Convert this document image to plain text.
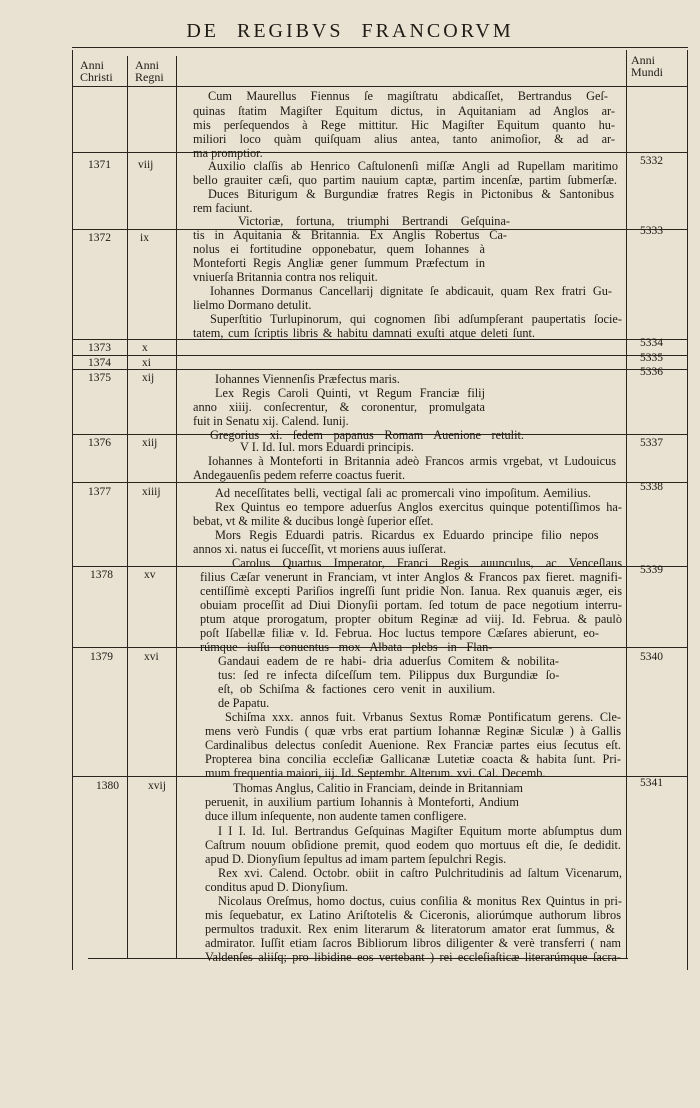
DE REGIBVS FRANCORVM
Anni
Christi
Anni
Regni
Anni
Mundi
1371
1372
1373
1374
1375
1376
1377
1378
1379
1380
viij
ix
x
xi
xij
xiij
xiiij
xv
xvi
xvij
5332
5333
5334
5335
5336
5337
5338
5339
5340
5341
Cum Maurellus Fiennus ſe magiſtratu abdicaſſet, Bertrandus Geſ-
quinas ſtatim Magiſter Equitum dictus, in Aquitaniam ad Anglos ar-
mis perſequendos à Rege mittitur. Hic Magiſter Equitum quanto hu-
miliori loco quàm quiſquam alius antea, tanto animoſior, & ad ar-
ma promptior.
Auxilio claſſis ab Henrico Caſtulonenſi miſſæ Angli ad Rupellam maritimo
bello grauiter cæſi, quo partim nauium captæ, partim incenſæ, partim ſubmerſæ.
Duces Biturigum & Burgundiæ fratres Regis in Pictonibus & Santonibus
rem faciunt.
Victoriæ, fortuna, triumphi Bertrandi Geſquina-
tis in Aquitania & Britannia. Ex Anglis Robertus Ca-
nolus ei fortitudine opponebatur, quem Iohannes à
Monteforti Regis Angliæ gener ſummum Præfectum in
vniuerſa Britannia contra nos reliquit.
Iohannes Dormanus Cancellarij dignitate ſe abdicauit, quam Rex fratri Gu-
lielmo Dormano detulit.
Superſtitio Turlupinorum, qui cognomen ſibi adſumpſerant paupertatis ſocie-
tatem, cum ſcriptis libris & habitu damnati exuſti atque deleti ſunt.
Iohannes Viennenſis Præfectus maris.
Lex Regis Caroli Quinti, vt Regum Franciæ filij
anno xiiij. conſecrentur, & coronentur, promulgata
fuit in Senatu xij. Calend. Iunij.
Gregorius xi. ſedem papanus Romam Auenione retulit.
V I. Id. Iul. mors Eduardi principis.
Iohannes à Monteforti in Britannia adeò Francos armis vrgebat, vt Ludouicus
Andegauenſis pedem referre coactus fuerit.
Ad neceſſitates belli, vectigal ſali ac promercali vino impoſitum. Aemilius.
Rex Quintus eo tempore aduerſus Anglos exercitus quinque potentiſſimos ha-
bebat, vt & milite & ducibus longè ſuperior eſſet.
Mors Regis Eduardi patris. Ricardus ex Eduardo principe filio nepos
annos xi. natus ei ſucceſſit, vt moriens auus iuſſerat.
Carolus Quartus Imperator, Franci Regis auunculus, ac Venceſlaus
filius Cæſar venerunt in Franciam, vt inter Anglos & Francos pax fieret. magnifi-
centiſſimè excepti Pariſios ingreſſi ſunt pridie Non. Ianua. Rex quanuis æger, eis
obuiam proceſſit ad Diui Dionyſii portam. ſed totum de pace negotium interru-
ptum atque prorogatum, propter obitum Reginæ ad viij. Id. Februa. & paulò
poſt Iſabellæ filiæ v. Id. Februa. Hoc luctus tempore Cæſares abierunt, eo-
rúmque iuſſu conuentus mox Albata plebs in Flan-
Gandaui eadem de re habi- dria aduerſus Comitem & nobilita-
tus: ſed re infecta diſceſſum tem. Pilippus dux Burgundiæ ſo-
eſt, ob Schiſma & factiones cero venit in auxilium.
de Papatu.
Schiſma xxx. annos fuit. Vrbanus Sextus Romæ Pontificatum gerens. Cle-
mens verò Fundis ( quæ vrbs erat partium Iohannæ Reginæ Siculæ ) à Gallis
Cardinalibus delectus conſedit Auenione. Rex Franciæ partes eius ſecutus eſt.
Propterea bina concilia eccleſiæ Gallicanæ Lutetiæ coacta & habita ſunt. Pri-
mum frequentia maiori, iij. Id. Septembr. Alterum. xvi. Cal. Decemb.
Thomas Anglus, Calitio in Franciam, deinde in Britanniam
peruenit, in auxilium partium Iohannis à Monteforti, Andium
duce illum inſequente, non audente tamen confligere.
I I I. Id. Iul. Bertrandus Geſquinas Magiſter Equitum morte abſumptus dum
Caſtrum nouum obſidione premit, quod eodem quo mortuus eſt die, ſe dedidit.
apud D. Dionyſium ſepultus ad imam partem ſepulchri Regis.
Rex xvi. Calend. Octobr. obiit in caſtro Pulchritudinis ad ſaltum Vicenarum,
conditus apud D. Dionyſium.
Nicolaus Oreſmus, homo doctus, cuius conſilia & monitus Rex Quintus in pri-
mis ſequebatur, ex Latino Ariſtotelis & Ciceronis, aliorúmque authorum libros
permultos traduxit. Rex enim literarum & literatorum amator erat ſummus, &
admirator. Iuſſit etiam ſacros Bibliorum libros diligenter & verè transferri ( nam
Valdenſes aliiſq; pro libidine eos vertebant ) rei eccleſiaſticæ literarúmque ſacra-
